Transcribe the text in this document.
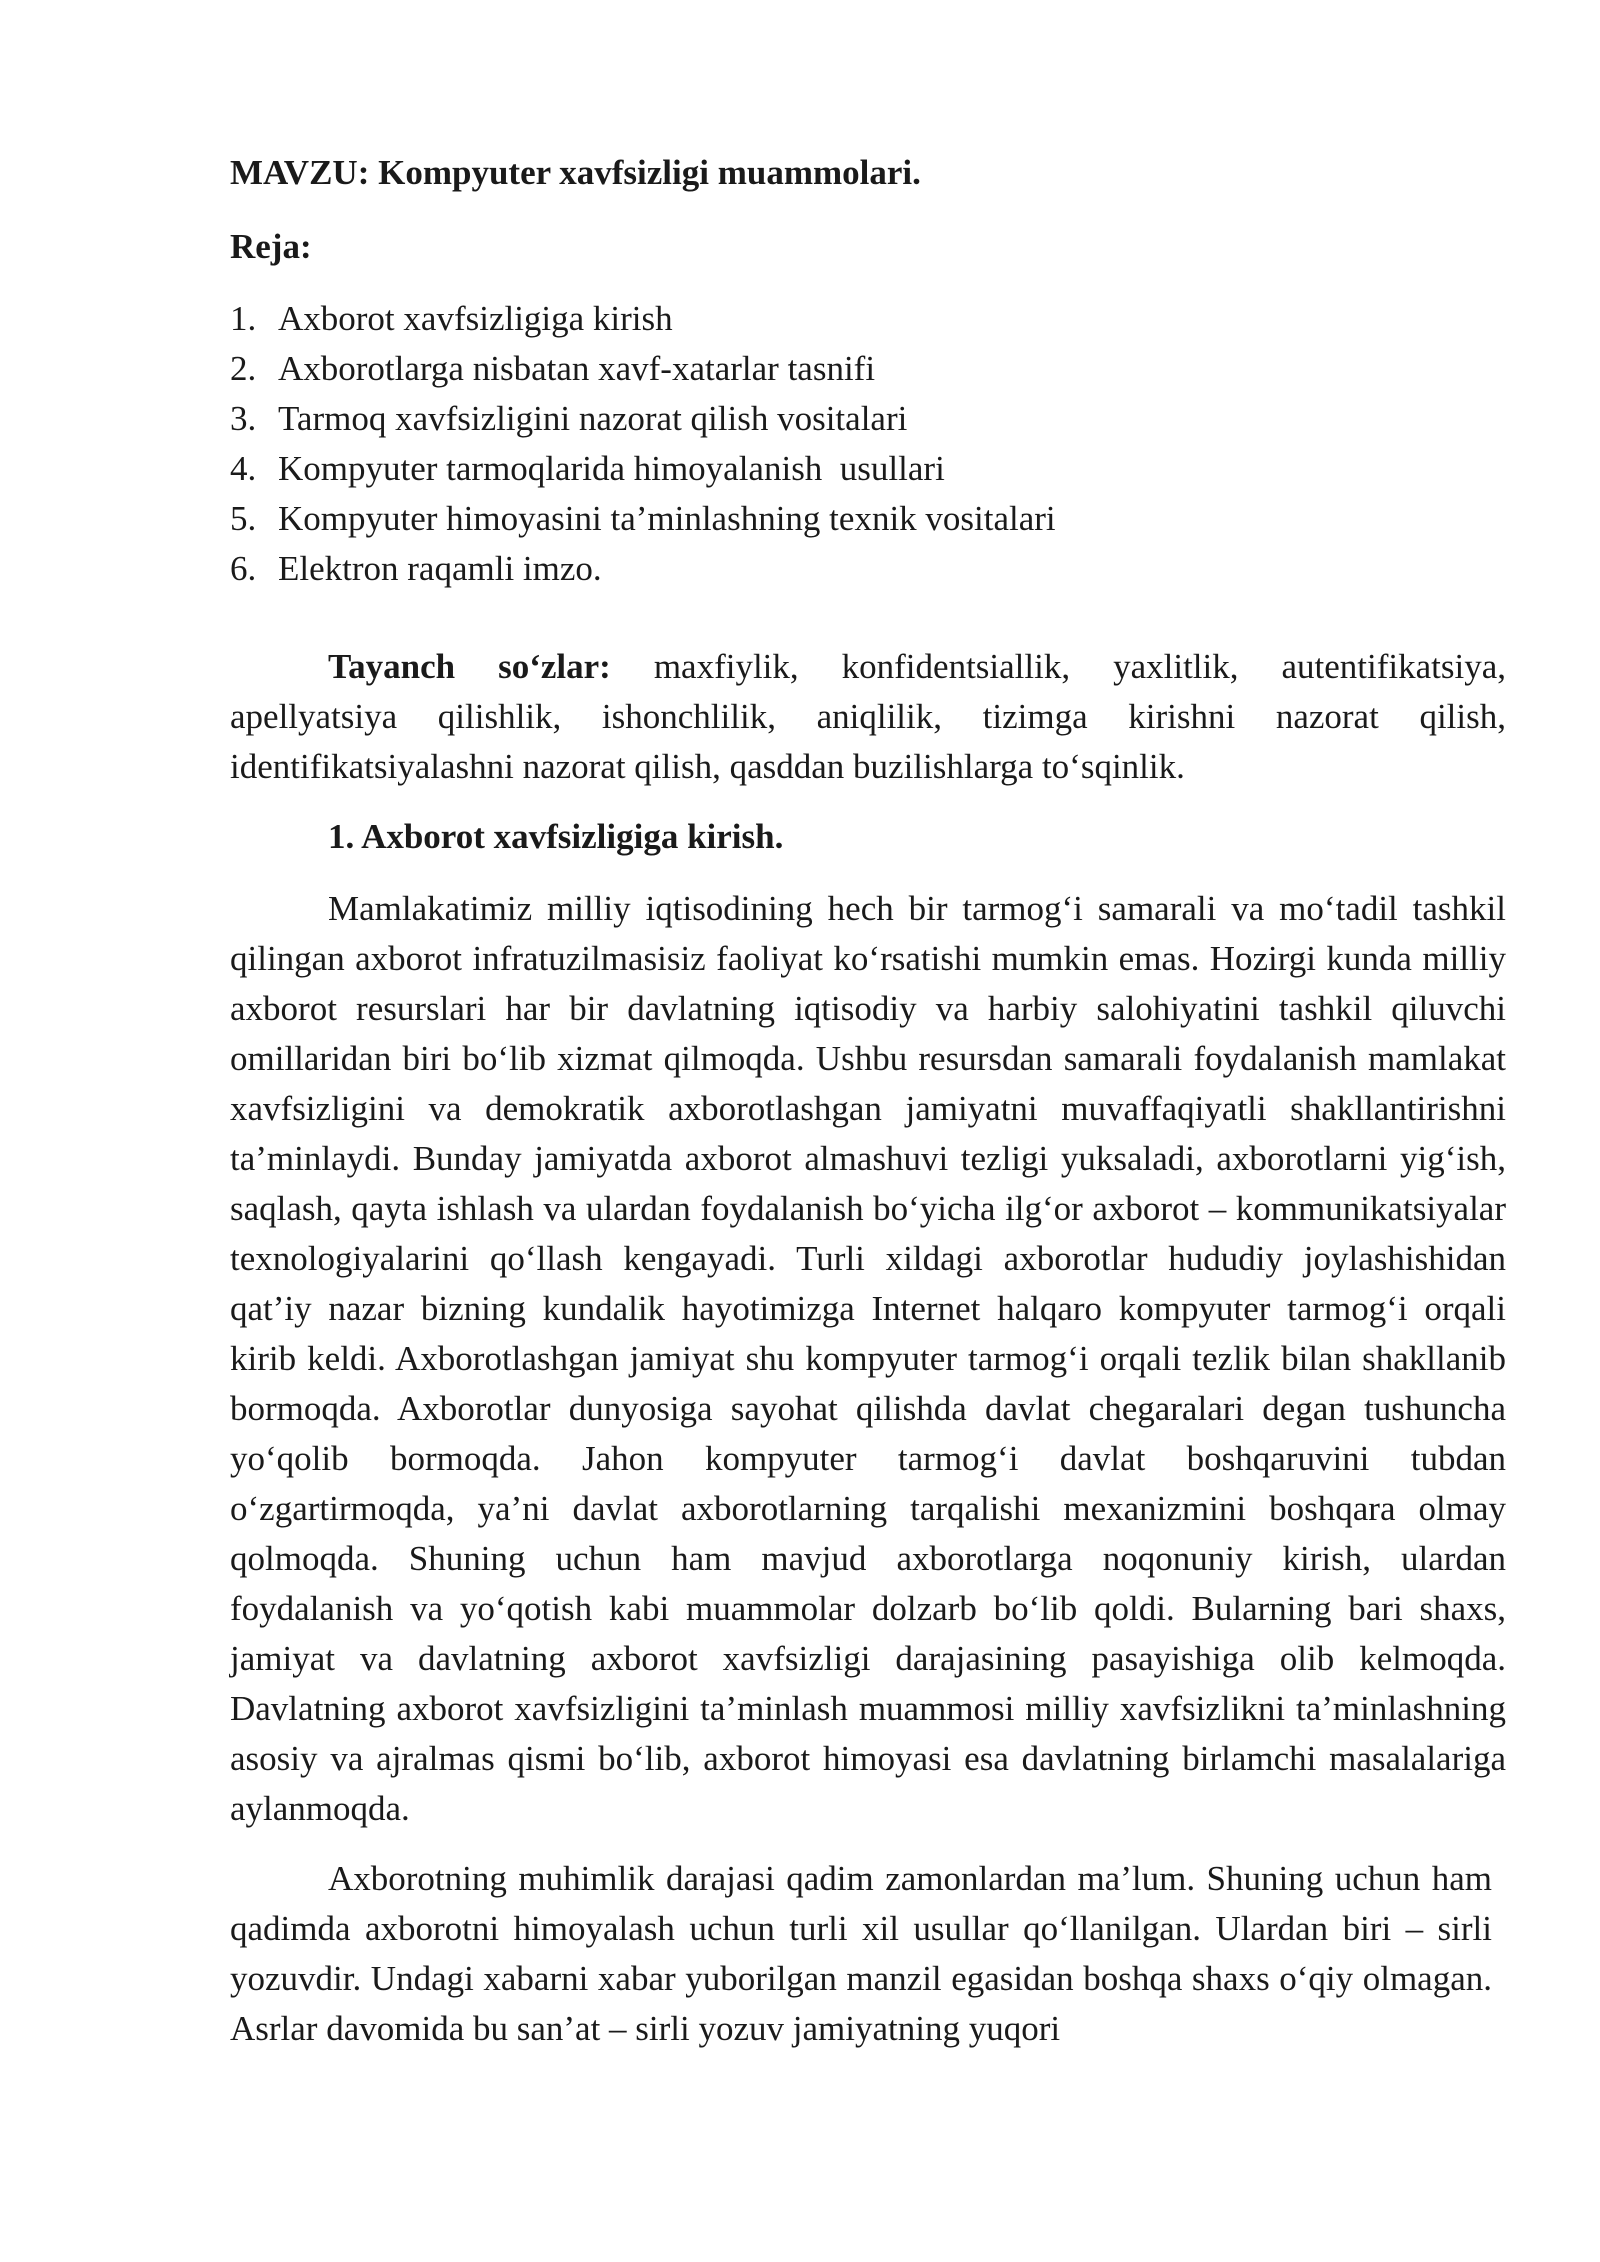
MAVZU: Kompyuter xavfsizligi muammolari.

Reja:

1. Axborot xavfsizligiga kirish
2. Axborotlarga nisbatan xavf-xatarlar tasnifi
3. Tarmoq xavfsizligini nazorat qilish vositalari
4. Kompyuter tarmoqlarida himoyalanish  usullari
5. Kompyuter himoyasini ta’minlashning texnik vositalari
6. Elektron raqamli imzo.

Tayanch so‘zlar: maxfiylik, konfidentsiallik, yaxlitlik, autentifikatsiya, apellyatsiya qilishlik, ishonchlilik, aniqlilik, tizimga kirishni nazorat qilish, identifikatsiyalashni nazorat qilish, qasddan buzilishlarga to‘sqinlik.

1. Axborot xavfsizligiga kirish.

Mamlakatimiz milliy iqtisodining hech bir tarmog‘i samarali va mo‘tadil tashkil qilingan axborot infratuzilmasisiz faoliyat ko‘rsatishi mumkin emas. Hozirgi kunda milliy axborot resurslari har bir davlatning iqtisodiy va harbiy salohiyatini tashkil qiluvchi omillaridan biri bo‘lib xizmat qilmoqda. Ushbu resursdan samarali foydalanish mamlakat xavfsizligini va demokratik axborotlashgan jamiyatni muvaffaqiyatli shakllantirishni ta’minlaydi. Bunday jamiyatda axborot almashuvi tezligi yuksaladi, axborotlarni yig‘ish, saqlash, qayta ishlash va ulardan foydalanish bo‘yicha ilg‘or axborot – kommunikatsiyalar texnologiyalarini qo‘llash kengayadi. Turli xildagi axborotlar hududiy joylashishidan qat’iy nazar bizning kundalik hayotimizga Internet halqaro kompyuter tarmog‘i orqali kirib keldi. Axborotlashgan jamiyat shu kompyuter tarmog‘i orqali tezlik bilan shakllanib bormoqda. Axborotlar dunyosiga sayohat qilishda davlat chegaralari degan tushuncha yo‘qolib bormoqda. Jahon kompyuter tarmog‘i davlat boshqaruvini tubdan o‘zgartirmoqda, ya’ni davlat axborotlarning tarqalishi mexanizmini boshqara olmay qolmoqda. Shuning uchun ham mavjud axborotlarga noqonuniy kirish, ulardan foydalanish va yo‘qotish kabi muammolar dolzarb bo‘lib qoldi. Bularning bari shaxs, jamiyat va davlatning axborot xavfsizligi darajasining pasayishiga olib kelmoqda. Davlatning axborot xavfsizligini ta’minlash muammosi milliy xavfsizlikni ta’minlashning asosiy va ajralmas qismi bo‘lib, axborot himoyasi esa davlatning birlamchi masalalariga aylanmoqda.

Axborotning muhimlik darajasi qadim zamonlardan ma’lum. Shuning uchun ham qadimda axborotni himoyalash uchun turli xil usullar qo‘llanilgan. Ulardan biri – sirli yozuvdir. Undagi xabarni xabar yuborilgan manzil egasidan boshqa shaxs o‘qiy olmagan. Asrlar davomida bu san’at – sirli yozuv jamiyatning yuqori
